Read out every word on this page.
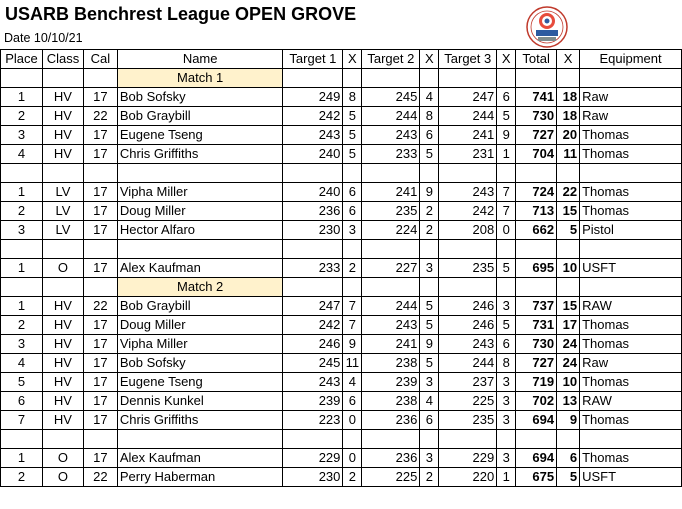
USARB Benchrest League OPEN GROVE
Date 10/10/21
Place	Class	Cal	Name	Target 1	X	Target 2	X	Target 3	X	Total	X	Equipment
			Match 1									
1	HV	17	Bob Sofsky	249	8	245	4	247	6	741	18	Raw
2	HV	22	Bob Graybill	242	5	244	8	244	5	730	18	Raw
3	HV	17	Eugene Tseng	243	5	243	6	241	9	727	20	Thomas
4	HV	17	Chris Griffiths	240	5	233	5	231	1	704	11	Thomas

1	LV	17	Vipha Miller	240	6	241	9	243	7	724	22	Thomas
2	LV	17	Doug Miller	236	6	235	2	242	7	713	15	Thomas
3	LV	17	Hector Alfaro	230	3	224	2	208	0	662	5	Pistol

1	O	17	Alex Kaufman	233	2	227	3	235	5	695	10	USFT
			Match 2									
1	HV	22	Bob Graybill	247	7	244	5	246	3	737	15	RAW
2	HV	17	Doug Miller	242	7	243	5	246	5	731	17	Thomas
3	HV	17	Vipha Miller	246	9	241	9	243	6	730	24	Thomas
4	HV	17	Bob Sofsky	245	11	238	5	244	8	727	24	Raw
5	HV	17	Eugene Tseng	243	4	239	3	237	3	719	10	Thomas
6	HV	17	Dennis Kunkel	239	6	238	4	225	3	702	13	RAW
7	HV	17	Chris Griffiths	223	0	236	6	235	3	694	9	Thomas

1	O	17	Alex Kaufman	229	0	236	3	229	3	694	6	Thomas
2	O	22	Perry Haberman	230	2	225	2	220	1	675	5	USFT
